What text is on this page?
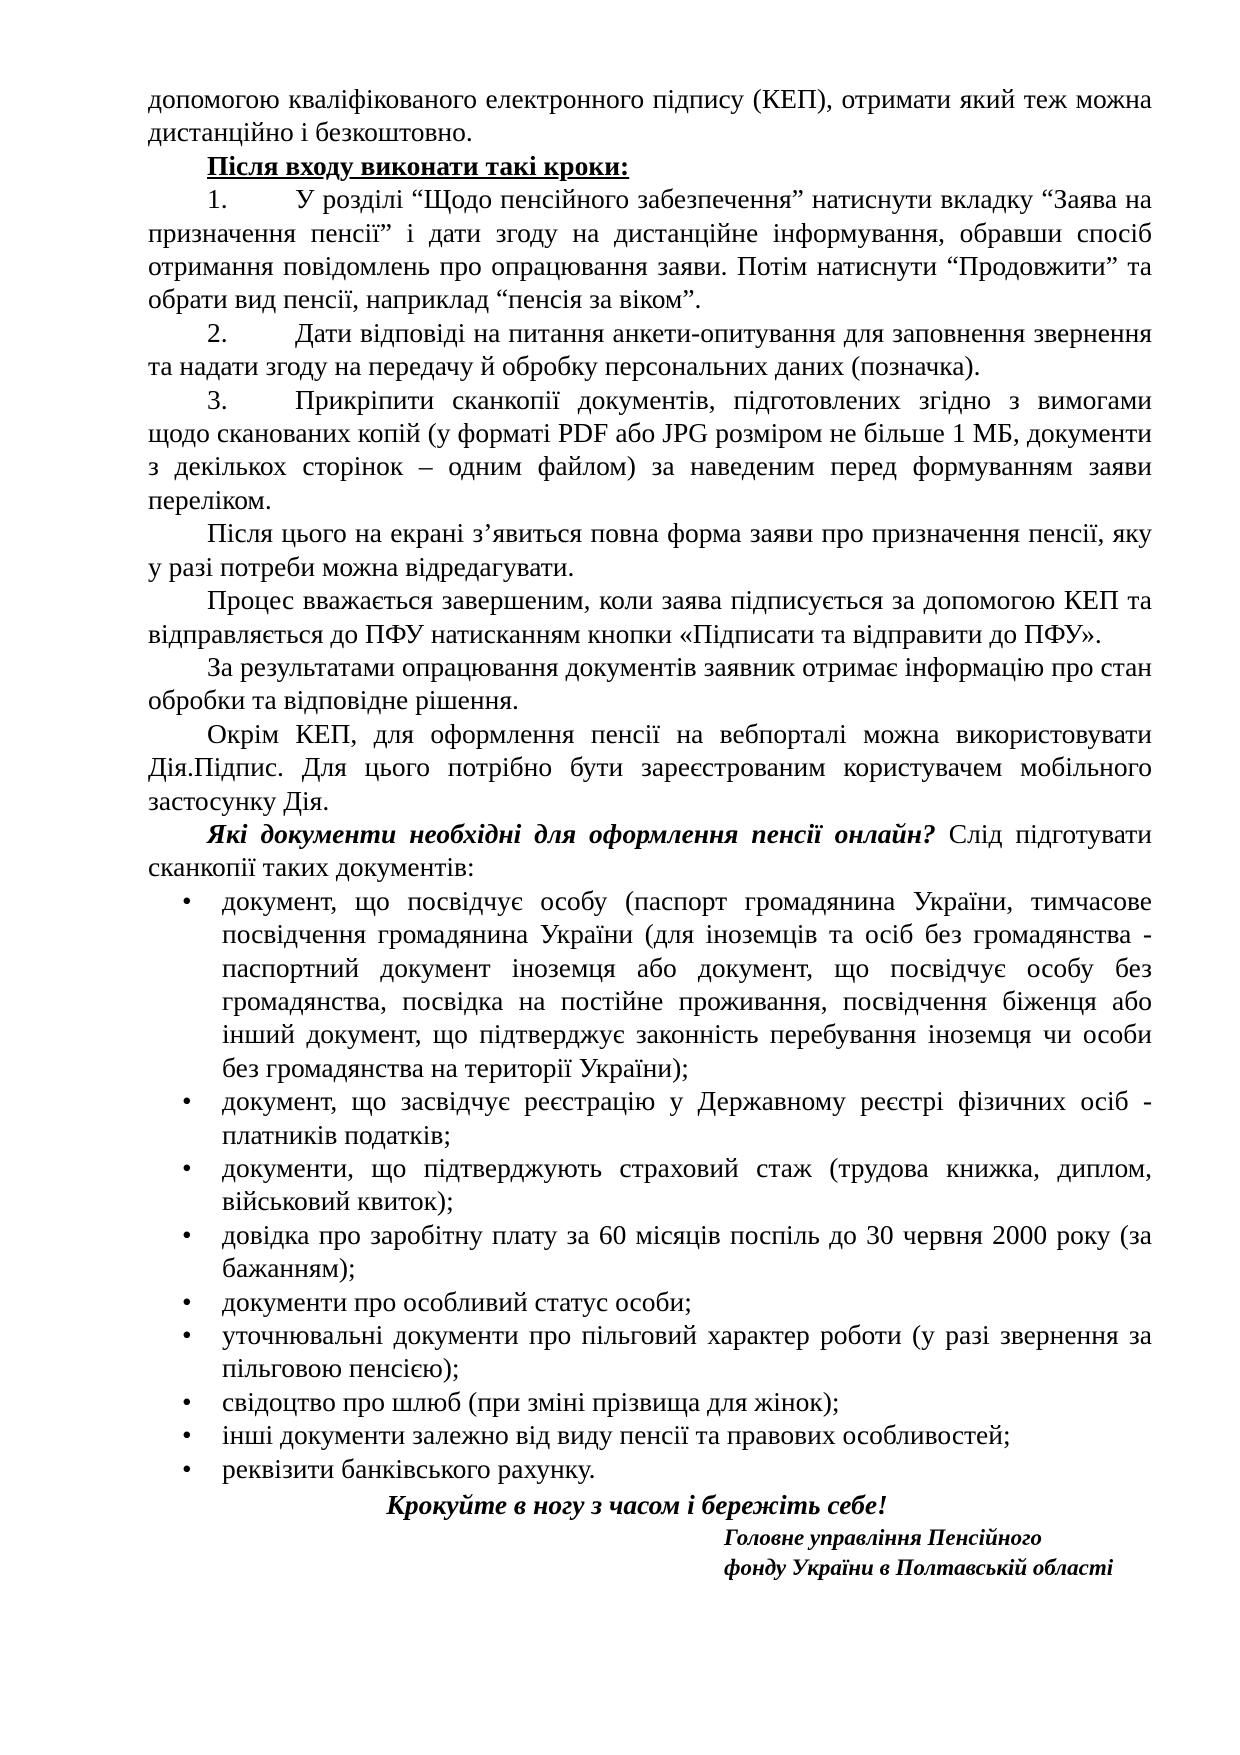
допомогою кваліфікованого електронного підпису (КЕП), отримати який теж можна дистанційно і безкоштовно.

Після входу виконати такі кроки:

1. У розділі “Щодо пенсійного забезпечення” натиснути вкладку “Заява на призначення пенсії” і дати згоду на дистанційне інформування, обравши спосіб отримання повідомлень про опрацювання заяви. Потім натиснути “Продовжити” та обрати вид пенсії, наприклад “пенсія за віком”.

2. Дати відповіді на питання анкети-опитування для заповнення звернення та надати згоду на передачу й обробку персональних даних (позначка).

3. Прикріпити сканкопії документів, підготовлених згідно з вимогами щодо сканованих копій (у форматі PDF або JPG розміром не більше 1 МБ, документи з декількох сторінок – одним файлом) за наведеним перед формуванням заяви переліком.

Після цього на екрані з’явиться повна форма заяви про призначення пенсії, яку у разі потреби можна відредагувати.

Процес вважається завершеним, коли заява підписується за допомогою КЕП та відправляється до ПФУ натисканням кнопки «Підписати та відправити до ПФУ».

За результатами опрацювання документів заявник отримає інформацію про стан обробки та відповідне рішення.

Окрім КЕП, для оформлення пенсії на вебпорталі можна використовувати Дія.Підпис. Для цього потрібно бути зареєстрованим користувачем мобільного застосунку Дія.

Які документи необхідні для оформлення пенсії онлайн? Слід підготувати сканкопії таких документів:

• документ, що посвідчує особу (паспорт громадянина України, тимчасове посвідчення громадянина України (для іноземців та осіб без громадянства - паспортний документ іноземця або документ, що посвідчує особу без громадянства, посвідка на постійне проживання, посвідчення біженця або інший документ, що підтверджує законність перебування іноземця чи особи без громадянства на території України);
• документ, що засвідчує реєстрацію у Державному реєстрі фізичних осіб - платників податків;
• документи, що підтверджують страховий стаж (трудова книжка, диплом, військовий квиток);
• довідка про заробітну плату за 60 місяців поспіль до 30 червня 2000 року (за бажанням);
• документи про особливий статус особи;
• уточнювальні документи про пільговий характер роботи (у разі звернення за пільговою пенсією);
• свідоцтво про шлюб (при зміні прізвища для жінок);
• інші документи залежно від виду пенсії та правових особливостей;
• реквізити банківського рахунку.
Крокуйте в ногу з часом і бережіть себе!
Головне управління Пенсійного
фонду України в Полтавській області
